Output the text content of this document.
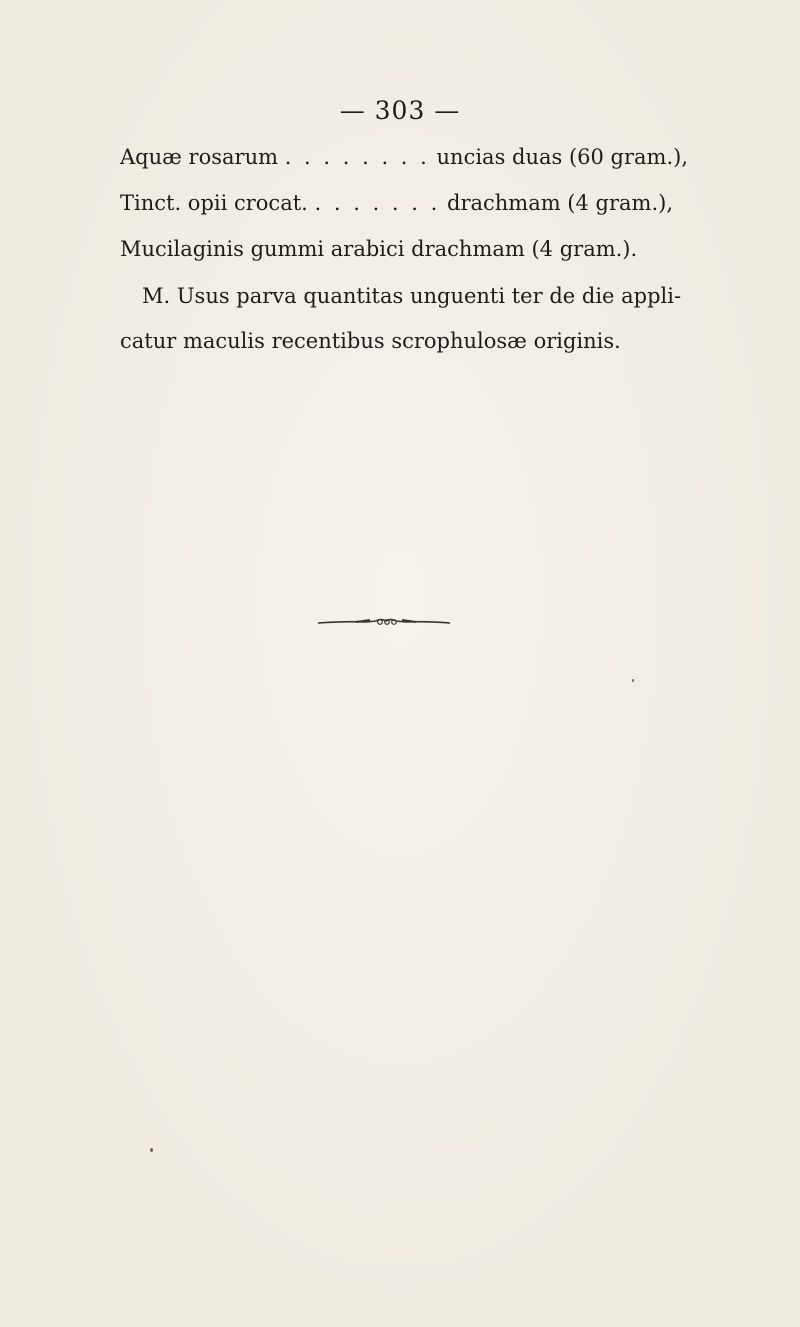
— 303 —
Aquæ rosarum . . . . . . . . uncias duas (60 gram.),
Tinct. opii crocat. . . . . . . . drachmam (4 gram.),
Mucilaginis gummi arabici drachmam (4 gram.).
M. Usus parva quantitas unguenti ter de die appli-
catur maculis recentibus scrophulosæ originis.
